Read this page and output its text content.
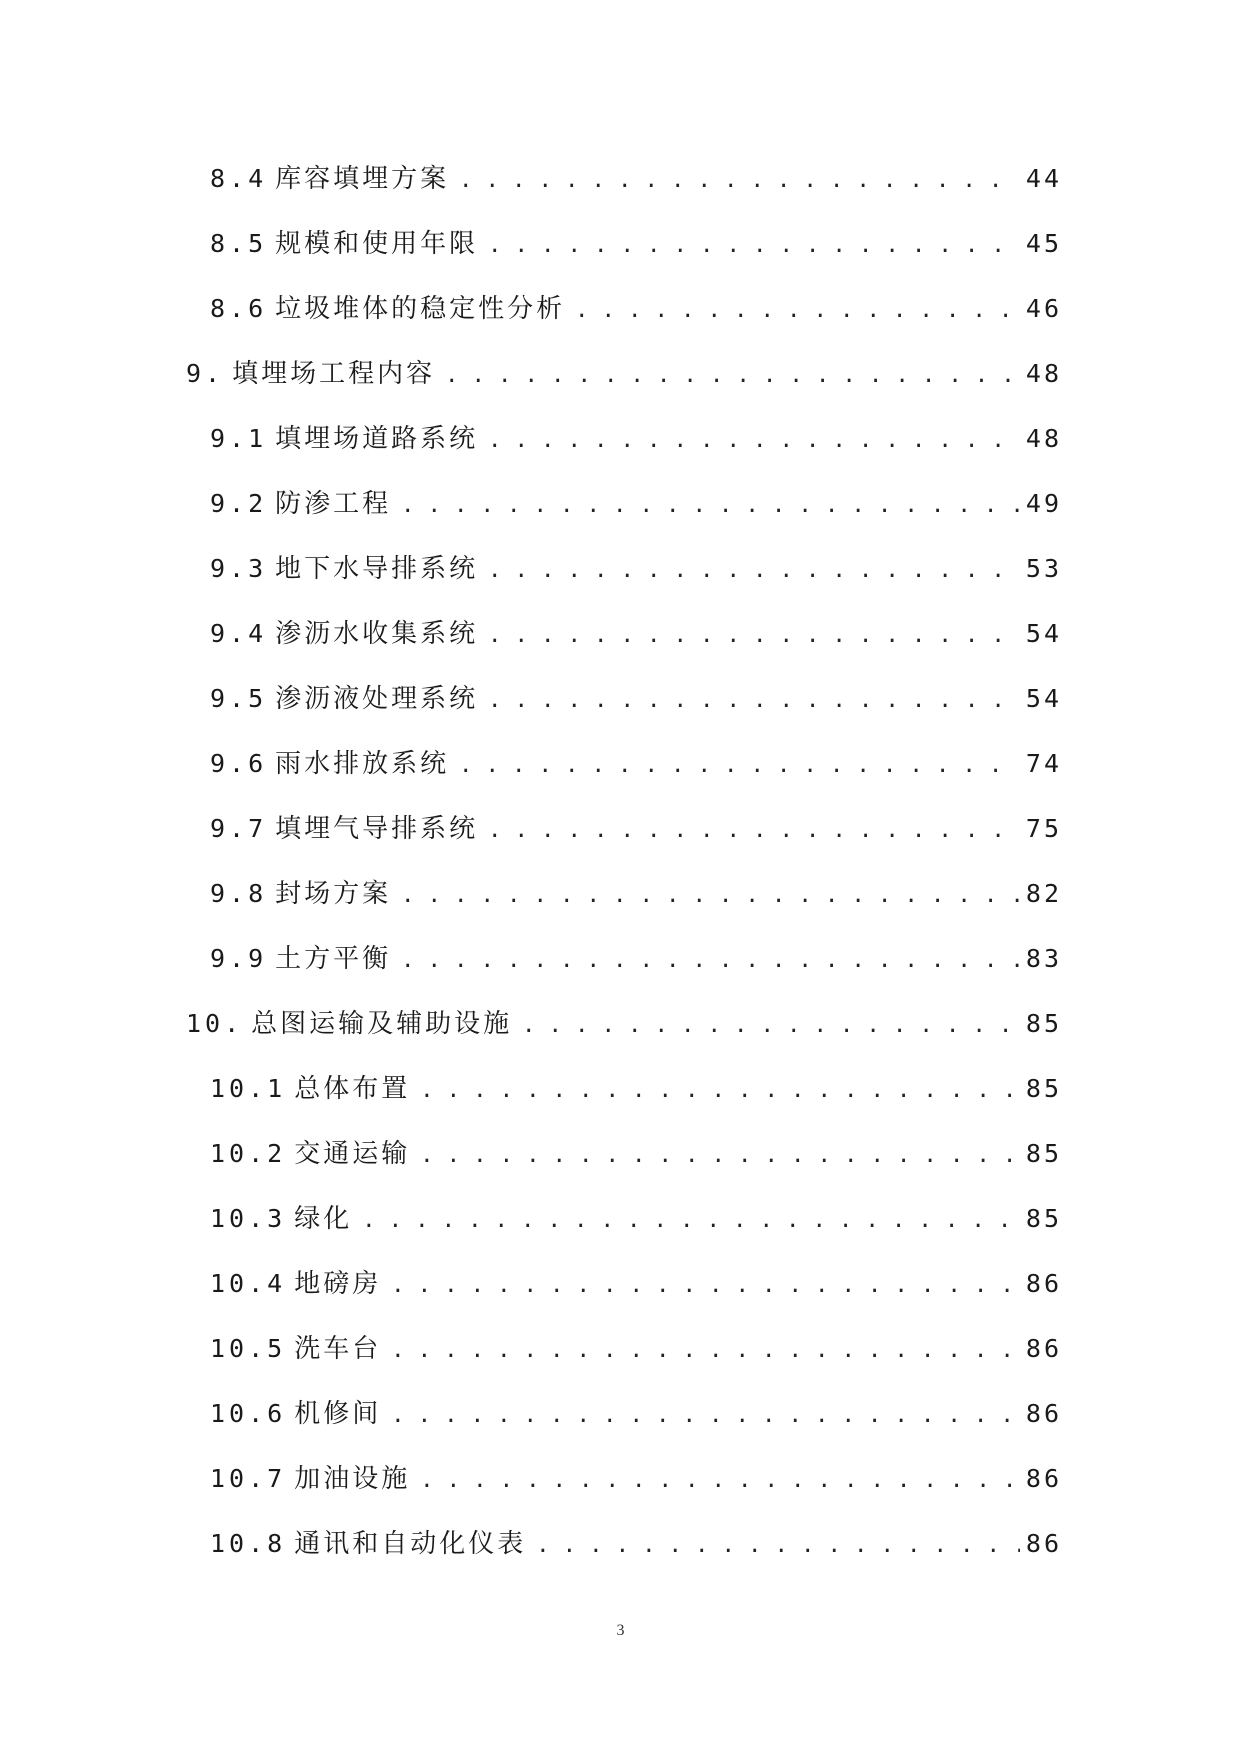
8.4 库容填埋方案 . . .	44
8.5 规模和使用年限 . . .	45
8.6 垃圾堆体的稳定性分析 . . .	46
9. 填埋场工程内容 . . .	48
9.1 填埋场道路系统 . . .	48
9.2 防渗工程 . . .	49
9.3 地下水导排系统 . . .	53
9.4 渗沥水收集系统 . . .	54
9.5 渗沥液处理系统 . . .	54
9.6 雨水排放系统 . . .	74
9.7 填埋气导排系统 . . .	75
9.8 封场方案 . . .	82
9.9 土方平衡 . . .	83
10. 总图运输及辅助设施 . . .	85
10.1 总体布置 . . .	85
10.2 交通运输 . . .	85
10.3 绿化 . . .	85
10.4 地磅房 . . .	86
10.5 洗车台 . . .	86
10.6 机修间 . . .	86
10.7 加油设施 . . .	86
10.8 通讯和自动化仪表 . . .	86
3
